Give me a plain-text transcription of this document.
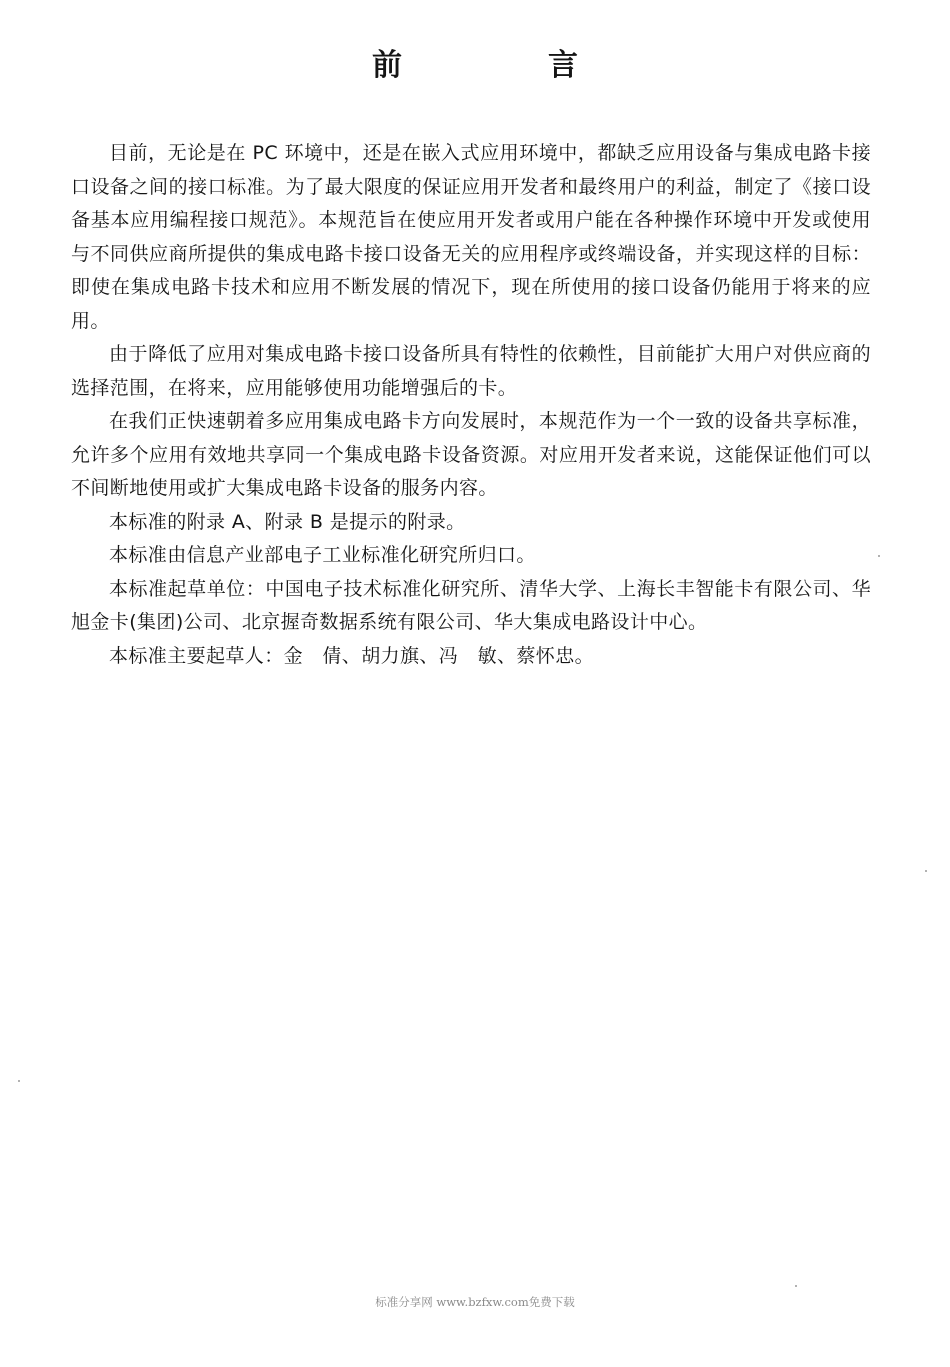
前　言

目前，无论是在 PC 环境中，还是在嵌入式应用环境中，都缺乏应用设备与集成电路卡接口设备之间的接口标准。为了最大限度的保证应用开发者和最终用户的利益，制定了《接口设备基本应用编程接口规范》。本规范旨在使应用开发者或用户能在各种操作环境中开发或使用与不同供应商所提供的集成电路卡接口设备无关的应用程序或终端设备，并实现这样的目标：即使在集成电路卡技术和应用不断发展的情况下，现在所使用的接口设备仍能用于将来的应用。

由于降低了应用对集成电路卡接口设备所具有特性的依赖性，目前能扩大用户对供应商的选择范围，在将来，应用能够使用功能增强后的卡。

在我们正快速朝着多应用集成电路卡方向发展时，本规范作为一个一致的设备共享标准，允许多个应用有效地共享同一个集成电路卡设备资源。对应用开发者来说，这能保证他们可以不间断地使用或扩大集成电路卡设备的服务内容。

本标准的附录 A、附录 B 是提示的附录。

本标准由信息产业部电子工业标准化研究所归口。

本标准起草单位：中国电子技术标准化研究所、清华大学、上海长丰智能卡有限公司、华旭金卡(集团)公司、北京握奇数据系统有限公司、华大集成电路设计中心。

本标准主要起草人：金　倩、胡力旗、冯　敏、蔡怀忠。

标准分享网 www.bzfxw.com免费下载
